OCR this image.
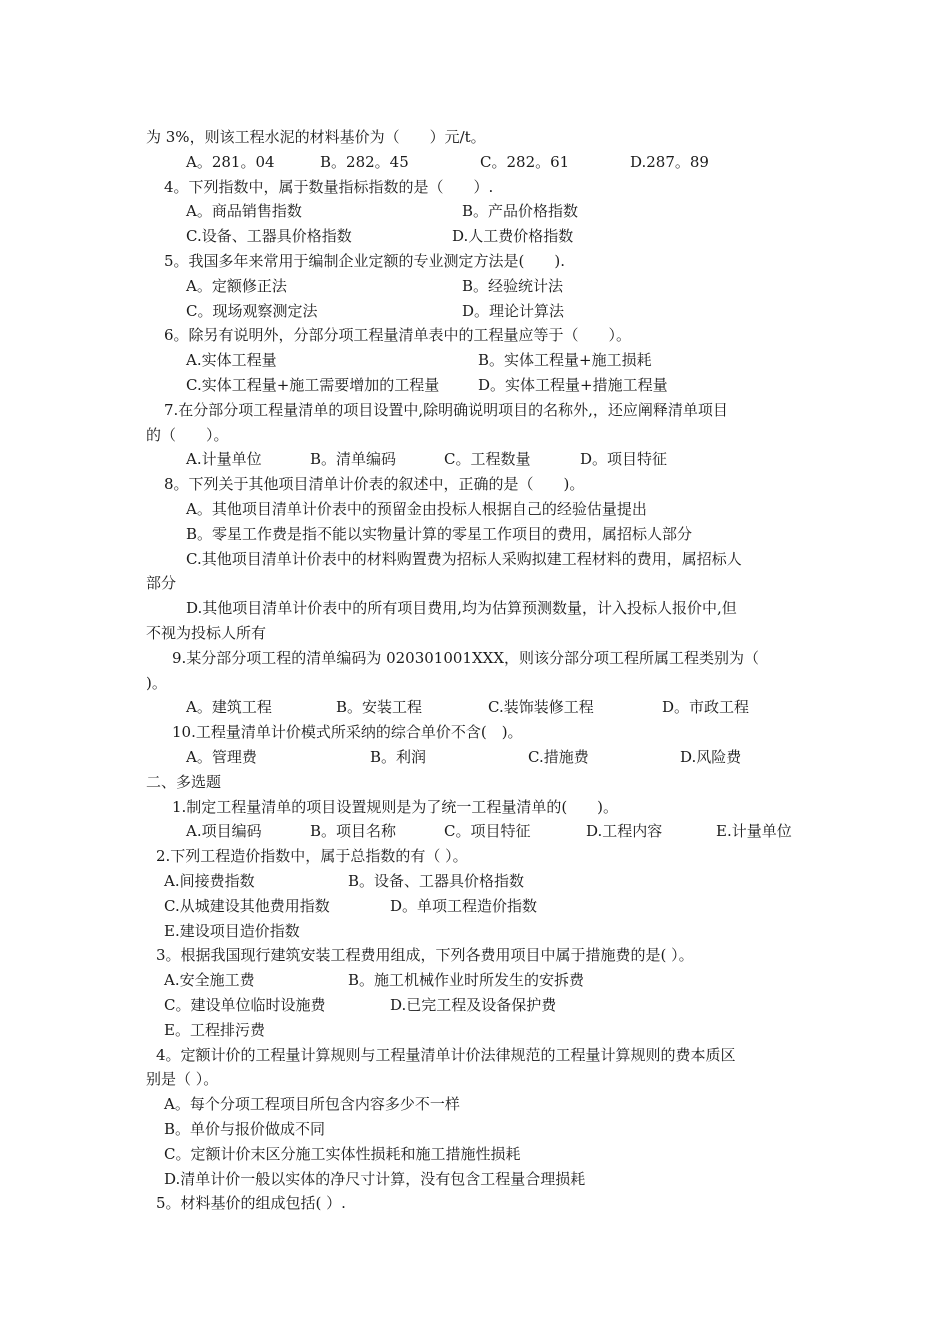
为 3%，则该工程水泥的材料基价为（　　）元/t。
A。281。04	B。282。45	C。282。61	D.287。89
4。下列指数中，属于数量指标指数的是（　　）.
A。商品销售指数	B。产品价格指数
C.设备、工器具价格指数	D.人工费价格指数
5。我国多年来常用于编制企业定额的专业测定方法是(　　).
A。定额修正法	B。经验统计法
C。现场观察测定法	D。理论计算法
6。除另有说明外，分部分项工程量清单表中的工程量应等于（　　）。
A.实体工程量	B。实体工程量+施工损耗
C.实体工程量+施工需要增加的工程量	D。实体工程量+措施工程量
7.在分部分项工程量清单的项目设置中,除明确说明项目的名称外,，还应阐释清单项目
的（　　）。
A.计量单位	B。清单编码	C。工程数量	D。项目特征
8。下列关于其他项目清单计价表的叙述中，正确的是（　　)。
A。其他项目清单计价表中的预留金由投标人根据自己的经验估量提出
B。零星工作费是指不能以实物量计算的零星工作项目的费用，属招标人部分
C.其他项目清单计价表中的材料购置费为招标人采购拟建工程材料的费用，属招标人
部分
D.其他项目清单计价表中的所有项目费用,均为估算预测数量，计入投标人报价中,但
不视为投标人所有
9.某分部分项工程的清单编码为 020301001XXX，则该分部分项工程所属工程类别为（
)。
A。建筑工程	B。安装工程	C.装饰装修工程	D。市政工程
10.工程量清单计价模式所采纳的综合单价不含(　)。
A。管理费	B。利润	C.措施费	D.风险费
二、多选题
1.制定工程量清单的项目设置规则是为了统一工程量清单的(　　)。
A.项目编码	B。项目名称	C。项目特征	D.工程内容	E.计量单位
2.下列工程造价指数中，属于总指数的有（ ）。
A.间接费指数	B。设备、工器具价格指数
C.从城建设其他费用指数	D。单项工程造价指数
E.建设项目造价指数
3。根据我国现行建筑安装工程费用组成，下列各费用项目中属于措施费的是( ）。
A.安全施工费	B。施工机械作业时所发生的安拆费
C。建设单位临时设施费	D.已完工程及设备保护费
E。工程排污费
4。定额计价的工程量计算规则与工程量清单计价法律规范的工程量计算规则的费本质区
别是（ ）。
A。每个分项工程项目所包含内容多少不一样
B。单价与报价做成不同
C。定额计价末区分施工实体性损耗和施工措施性损耗
D.清单计价一般以实体的净尺寸计算，没有包含工程量合理损耗
5。材料基价的组成包括( ）.
